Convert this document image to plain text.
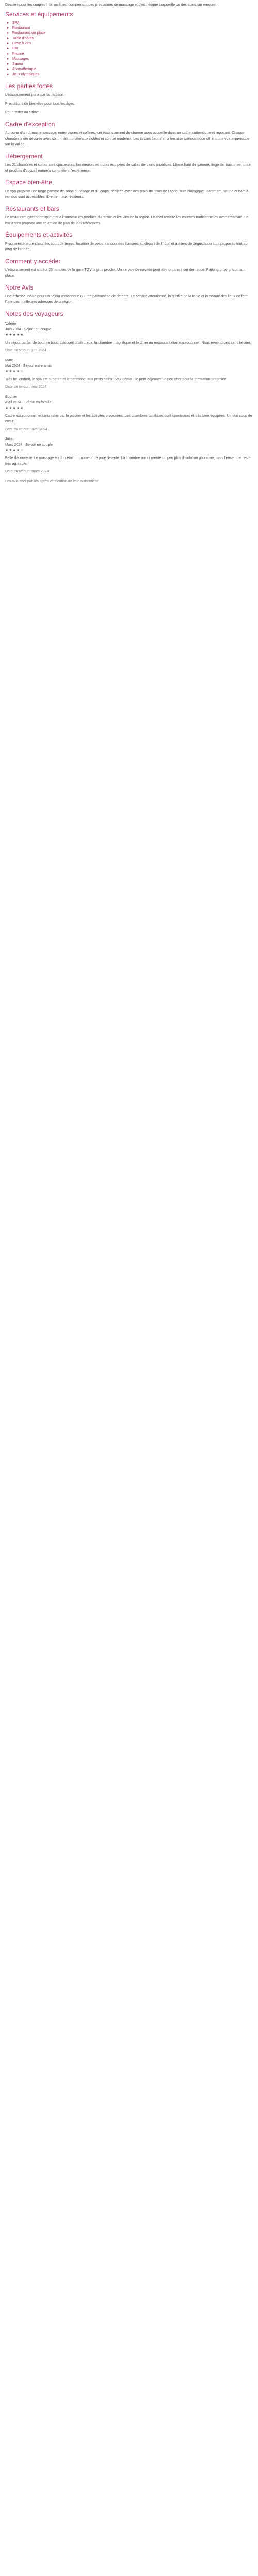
Dessiné pour les couples ! Un arrêt est comprenant des prestations de massage et d'esthétique corporelle ou des soins sur mesure.

Services et équipements
▸ SPA
▸ Restaurant
▸ Restaurant sur place
▸ Table d'hôtes
▸ Cave à vins
▸ Bar
▸ Piscine
▸ Massages
▸ Sauna
▸ Aromathérapie
▸ Jeux olympiques
Les parties fortes

L'établissement porte par la tradition.

Prestations de bien-être pour tous les âges.

Pour rester au calme.

Cadre d'exception

Au cœur d'un domaine sauvage, entre vignes et collines, cet établissement de charme vous accueille dans un cadre authentique et reposant. Chaque chambre a été décorée avec soin, mêlant matériaux nobles et confort moderne. Les jardins fleuris et la terrasse panoramique offrent une vue imprenable sur la vallée.

Hébergement

Les 21 chambres et suites sont spacieuses, lumineuses et toutes équipées de salles de bains privatives. Literie haut de gamme, linge de maison en coton et produits d'accueil naturels complètent l'expérience.

Espace bien-être

Le spa propose une large gamme de soins du visage et du corps, réalisés avec des produits issus de l'agriculture biologique. Hammam, sauna et bain à remous sont accessibles librement aux résidents.

Restaurants et bars

Le restaurant gastronomique met à l'honneur les produits du terroir et les vins de la région. Le chef revisite les recettes traditionnelles avec créativité. Le bar à vins propose une sélection de plus de 200 références.

Équipements et activités

Piscine extérieure chauffée, court de tennis, location de vélos, randonnées balisées au départ de l'hôtel et ateliers de dégustation sont proposés tout au long de l'année.

Comment y accéder

L'établissement est situé à 25 minutes de la gare TGV la plus proche. Un service de navette peut être organisé sur demande. Parking privé gratuit sur place.

Notre Avis

Une adresse idéale pour un séjour romantique ou une parenthèse de détente. Le service attentionné, la qualité de la table et la beauté des lieux en font l'une des meilleures adresses de la région.

Notes des voyageurs
Valérie
Juin 2024 · Séjour en couple
★★★★★
Un séjour parfait de bout en bout. L'accueil chaleureux, la chambre magnifique et le dîner au restaurant était exceptionnel. Nous reviendrons sans hésiter.
Date du séjour : juin 2024
Marc
Mai 2024 · Séjour entre amis
★★★★☆
Très bel endroit, le spa est superbe et le personnel aux petits soins. Seul bémol : le petit-déjeuner un peu cher pour la prestation proposée.
Date du séjour : mai 2024
Sophie
Avril 2024 · Séjour en famille
★★★★★
Cadre exceptionnel, enfants ravis par la piscine et les activités proposées. Les chambres familiales sont spacieuses et très bien équipées. Un vrai coup de cœur !
Date du séjour : avril 2024
Julien
Mars 2024 · Séjour en couple
★★★★☆
Belle découverte. Le massage en duo était un moment de pure détente. La chambre aurait mérité un peu plus d'isolation phonique, mais l'ensemble reste très agréable.
Date du séjour : mars 2024

Les avis sont publiés après vérification de leur authenticité.
